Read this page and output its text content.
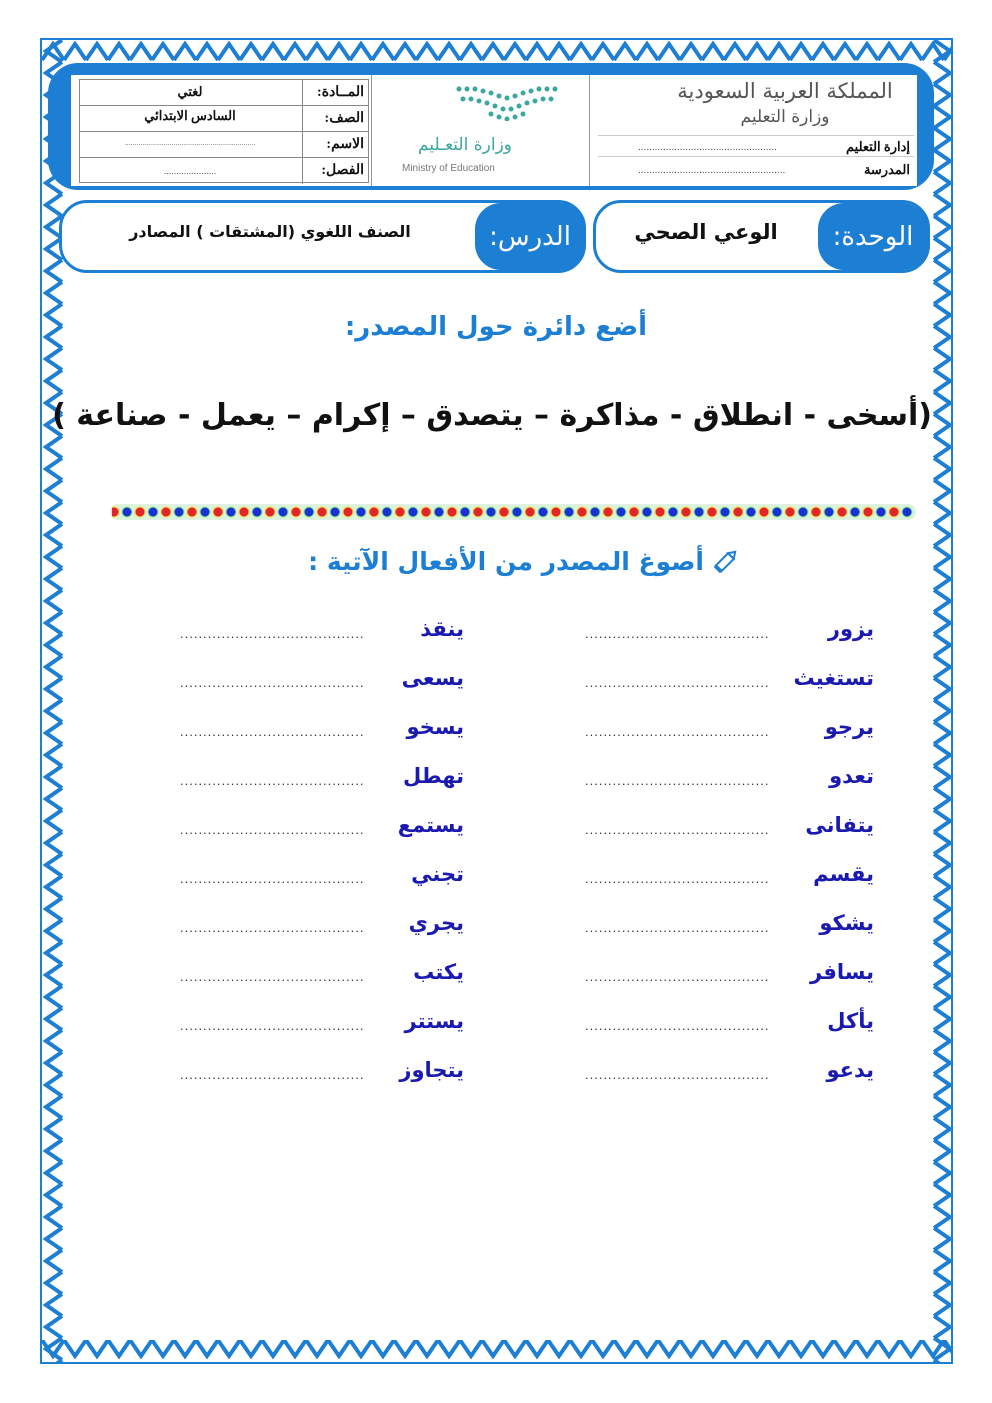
المملكة العربية السعودية
وزارة التعليم
إدارة التعليم
..................................................
المدرسة
.....................................................
وزارة التعـليم
Ministry of Education
المــادة:
لغتي
الصف:
السادس الابتدائي
الاسم:
...................................................................
الفصل:
.....................
الوحدة:
الوعي الصحي
الدرس:
الصنف اللغوي (المشتقات ) المصادر
أضع دائرة حول المصدر:
(أسخى - انطلاق - مذاكرة – يتصدق – إكرام – يعمل - صناعة )
أصوغ المصدر من الأفعال الآتية :
يزور
........................................
ينقذ
........................................
تستغيث
........................................
يسعى
........................................
يرجو
........................................
يسخو
........................................
تعدو
........................................
تهطل
........................................
يتفانى
........................................
يستمع
........................................
يقسم
........................................
تجني
........................................
يشكو
........................................
يجري
........................................
يسافر
........................................
يكتب
........................................
يأكل
........................................
يستتر
........................................
يدعو
........................................
يتجاوز
........................................
